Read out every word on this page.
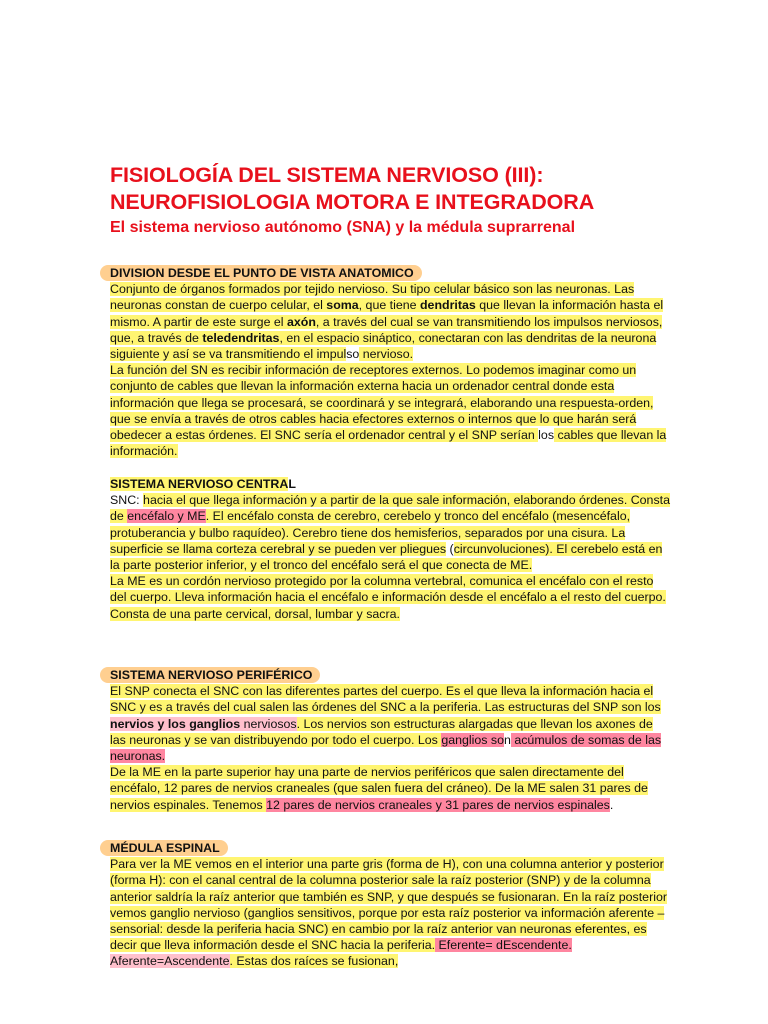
FISIOLOGÍA DEL SISTEMA NERVIOSO (III):
NEUROFISIOLOGIA MOTORA E INTEGRADORA

El sistema nervioso autónomo (SNA) y la médula suprarrenal

DIVISION DESDE EL PUNTO DE VISTA ANATOMICO

Conjunto de órganos formados por tejido nervioso. Su tipo celular básico son las neuronas. Las neuronas constan de cuerpo celular, el soma, que tiene dendritas que llevan la información hasta el mismo. A partir de este surge el axón, a través del cual se van transmitiendo los impulsos nerviosos, que, a través de teledendritas, en el espacio sináptico, conectaran con las dendritas de la neurona siguiente y así se va transmitiendo el impulso nervioso.

La función del SN es recibir información de receptores externos. Lo podemos imaginar como un conjunto de cables que llevan la información externa hacia un ordenador central donde esta información que llega se procesará, se coordinará y se integrará, elaborando una respuesta-orden, que se envía a través de otros cables hacia efectores externos o internos que lo que harán será obedecer a estas órdenes. El SNC sería el ordenador central y el SNP serían los cables que llevan la información.

SISTEMA NERVIOSO CENTRAL

SNC: hacia el que llega información y a partir de la que sale información, elaborando órdenes. Consta de encéfalo y ME. El encéfalo consta de cerebro, cerebelo y tronco del encéfalo (mesencéfalo, protuberancia y bulbo raquídeo). Cerebro tiene dos hemisferios, separados por una cisura. La superficie se llama corteza cerebral y se pueden ver pliegues (circunvoluciones). El cerebelo está en la parte posterior inferior, y el tronco del encéfalo será el que conecta de ME.

La ME es un cordón nervioso protegido por la columna vertebral, comunica el encéfalo con el resto del cuerpo. Lleva información hacia el encéfalo e información desde el encéfalo a el resto del cuerpo. Consta de una parte cervical, dorsal, lumbar y sacra.

SISTEMA NERVIOSO PERIFÉRICO

El SNP conecta el SNC con las diferentes partes del cuerpo. Es el que lleva la información hacia el SNC y es a través del cual salen las órdenes del SNC a la periferia. Las estructuras del SNP son los nervios y los ganglios nerviosos. Los nervios son estructuras alargadas que llevan los axones de las neuronas y se van distribuyendo por todo el cuerpo. Los ganglios son acúmulos de somas de las neuronas.

De la ME en la parte superior hay una parte de nervios periféricos que salen directamente del encéfalo, 12 pares de nervios craneales (que salen fuera del cráneo). De la ME salen 31 pares de nervios espinales. Tenemos 12 pares de nervios craneales y 31 pares de nervios espinales.

MÉDULA ESPINAL

Para ver la ME vemos en el interior una parte gris (forma de H), con una columna anterior y posterior (forma H): con el canal central de la columna posterior sale la raíz posterior (SNP) y de la columna anterior saldría la raíz anterior que también es SNP, y que después se fusionaran. En la raíz posterior vemos ganglio nervioso (ganglios sensitivos, porque por esta raíz posterior va información aferente – sensorial: desde la periferia hacia SNC) en cambio por la raíz anterior van neuronas eferentes, es decir que lleva información desde el SNC hacia la periferia. Eferente= dEscendente. Aferente=Ascendente. Estas dos raíces se fusionan,
